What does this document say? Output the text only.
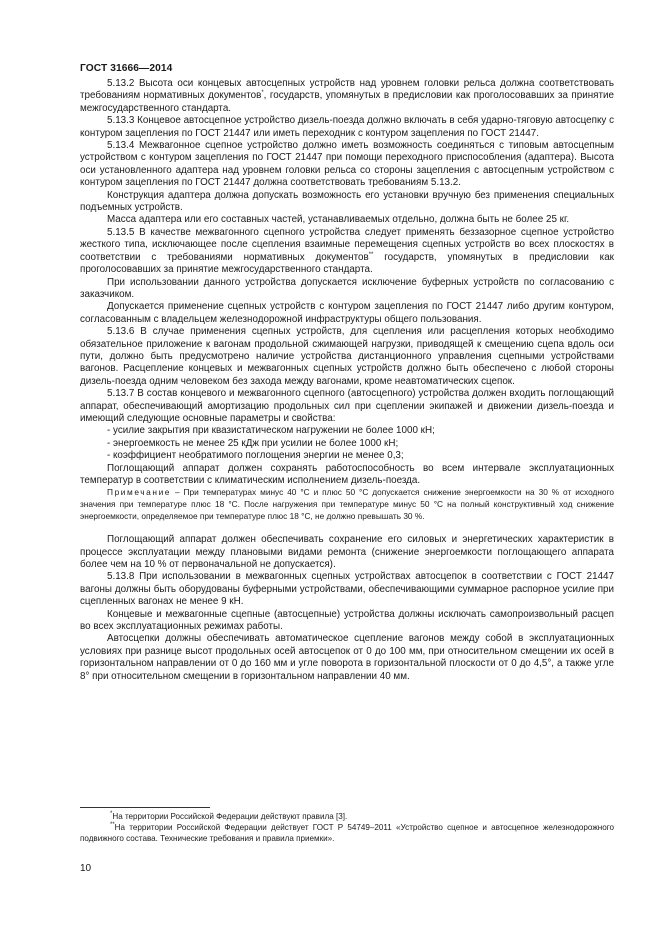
ГОСТ 31666—2014

5.13.2 Высота оси концевых автосцепных устройств над уровнем головки рельса должна соответствовать требованиям нормативных документов*, государств, упомянутых в предисловии как проголосовавших за принятие межгосударственного стандарта.

5.13.3 Концевое автосцепное устройство дизель-поезда должно включать в себя ударно-тяговую автосцепку с контуром зацепления по ГОСТ 21447 или иметь переходник с контуром зацепления по ГОСТ 21447.

5.13.4 Межвагонное сцепное устройство должно иметь возможность соединяться с типовым автосцепным устройством с контуром зацепления по ГОСТ 21447 при помощи переходного приспособления (адаптера). Высота оси установленного адаптера над уровнем головки рельса со стороны зацепления с автосцепным устройством с контуром зацепления по ГОСТ 21447 должна соответствовать требованиям 5.13.2.

Конструкция адаптера должна допускать возможность его установки вручную без применения специальных подъемных устройств.

Масса адаптера или его составных частей, устанавливаемых отдельно, должна быть не более 25 кг.

5.13.5 В качестве межвагонного сцепного устройства следует применять беззазорное сцепное устройство жесткого типа, исключающее после сцепления взаимные перемещения сцепных устройств во всех плоскостях в соответствии с требованиями нормативных документов** государств, упомянутых в предисловии как проголосовавших за принятие межгосударственного стандарта.

При использовании данного устройства допускается исключение буферных устройств по согласованию с заказчиком.

Допускается применение сцепных устройств с контуром зацепления по ГОСТ 21447 либо другим контуром, согласованным с владельцем железнодорожной инфраструктуры общего пользования.

5.13.6 В случае применения сцепных устройств, для сцепления или расцепления которых необходимо обязательное приложение к вагонам продольной сжимающей нагрузки, приводящей к смещению сцепа вдоль оси пути, должно быть предусмотрено наличие устройства дистанционного управления сцепными устройствами вагонов. Расцепление концевых и межвагонных сцепных устройств должно быть обеспечено с любой стороны дизель-поезда одним человеком без захода между вагонами, кроме неавтоматических сцепок.

5.13.7 В состав концевого и межвагонного сцепного (автосцепного) устройства должен входить поглощающий аппарат, обеспечивающий амортизацию продольных сил при сцеплении экипажей и движении дизель-поезда и имеющий следующие основные параметры и свойства:

- усилие закрытия при квазистатическом нагружении не более 1000 кН;

- энергоемкость не менее 25 кДж при усилии не более 1000 кН;

- коэффициент необратимого поглощения энергии не менее 0,3;

Поглощающий аппарат должен сохранять работоспособность во всем интервале эксплуатационных температур в соответствии с климатическим исполнением дизель-поезда.

Примечание – При температурах минус 40 °С и плюс 50 °С допускается снижение энергоемкости на 30 % от исходного значения при температуре плюс 18 °С. После нагружения при температуре минус 50 °С на полный конструктивный ход снижение энергоемкости, определяемое при температуре плюс 18 °С, не должно превышать 30 %.

Поглощающий аппарат должен обеспечивать сохранение его силовых и энергетических характеристик в процессе эксплуатации между плановыми видами ремонта (снижение энергоемкости поглощающего аппарата более чем на 10 % от первоначальной не допускается).

5.13.8 При использовании в межвагонных сцепных устройствах автосцепок в соответствии с ГОСТ 21447 вагоны должны быть оборудованы буферными устройствами, обеспечивающими суммарное распорное усилие при сцепленных вагонах не менее 9 кН.

Концевые и межвагонные сцепные (автосцепные) устройства должны исключать самопроизвольный расцеп во всех эксплуатационных режимах работы.

Автосцепки должны обеспечивать автоматическое сцепление вагонов между собой в эксплуатационных условиях при разнице высот продольных осей автосцепок от 0 до 100 мм, при относительном смещении их осей в горизонтальном направлении от 0 до 160 мм и угле поворота в горизонтальной плоскости от 0 до 4,5°, а также угле 8° при относительном смещении в горизонтальном направлении 40 мм.

*На территории Российской Федерации действуют правила [3].
**На территории Российской Федерации действует ГОСТ Р 54749–2011 «Устройство сцепное и автосцепное железнодорожного подвижного состава. Технические требования и правила приемки».
10
